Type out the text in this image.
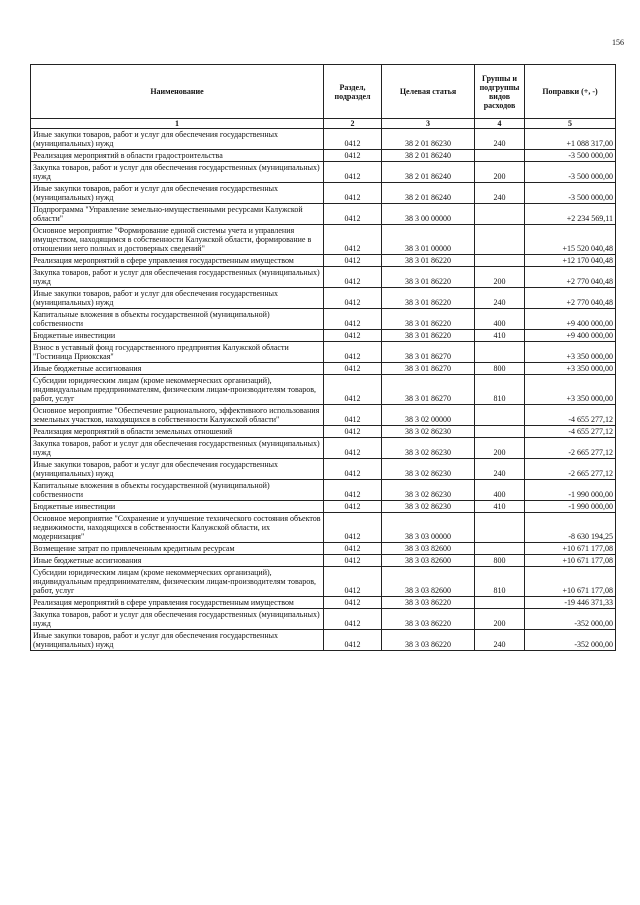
156
Наименование	Раздел, подраздел	Целевая статья	Группы и подгруппы видов расходов	Поправки (+, -)
1	2	3	4	5
Иные закупки товаров, работ и услуг для обеспечения государственных (муниципальных) нужд	0412	38 2 01 86230	240	+1 088 317,00
Реализация мероприятий в области градостроительства	0412	38 2 01 86240		-3 500 000,00
Закупка товаров, работ и услуг для обеспечения государственных (муниципальных) нужд	0412	38 2 01 86240	200	-3 500 000,00
Иные закупки товаров, работ и услуг для обеспечения государственных (муниципальных) нужд	0412	38 2 01 86240	240	-3 500 000,00
Подпрограмма "Управление земельно-имущественными ресурсами Калужской области"	0412	38 3 00 00000		+2 234 569,11
Основное мероприятие "Формирование единой системы учета и управления имуществом, находящимся в собственности Калужской области, формирование в отношении него полных и достоверных сведений"	0412	38 3 01 00000		+15 520 040,48
Реализация мероприятий в сфере управления государственным имуществом	0412	38 3 01 86220		+12 170 040,48
Закупка товаров, работ и услуг для обеспечения государственных (муниципальных) нужд	0412	38 3 01 86220	200	+2 770 040,48
Иные закупки товаров, работ и услуг для обеспечения государственных (муниципальных) нужд	0412	38 3 01 86220	240	+2 770 040,48
Капитальные вложения в объекты государственной (муниципальной) собственности	0412	38 3 01 86220	400	+9 400 000,00
Бюджетные инвестиции	0412	38 3 01 86220	410	+9 400 000,00
Взнос в уставный фонд государственного предприятия Калужской области "Гостиница Приокская"	0412	38 3 01 86270		+3 350 000,00
Иные бюджетные ассигнования	0412	38 3 01 86270	800	+3 350 000,00
Субсидии юридическим лицам (кроме некоммерческих организаций), индивидуальным предпринимателям, физическим лицам-производителям товаров, работ, услуг	0412	38 3 01 86270	810	+3 350 000,00
Основное мероприятие "Обеспечение рационального, эффективного использования земельных участков, находящихся в собственности Калужской области"	0412	38 3 02 00000		-4 655 277,12
Реализация мероприятий в области земельных отношений	0412	38 3 02 86230		-4 655 277,12
Закупка товаров, работ и услуг для обеспечения государственных (муниципальных) нужд	0412	38 3 02 86230	200	-2 665 277,12
Иные закупки товаров, работ и услуг для обеспечения государственных (муниципальных) нужд	0412	38 3 02 86230	240	-2 665 277,12
Капитальные вложения в объекты государственной (муниципальной) собственности	0412	38 3 02 86230	400	-1 990 000,00
Бюджетные инвестиции	0412	38 3 02 86230	410	-1 990 000,00
Основное мероприятие "Сохранение и улучшение технического состояния объектов недвижимости, находящихся в собственности Калужской области, их модернизация"	0412	38 3 03 00000		-8 630 194,25
Возмещение затрат по привлеченным кредитным ресурсам	0412	38 3 03 82600		+10 671 177,08
Иные бюджетные ассигнования	0412	38 3 03 82600	800	+10 671 177,08
Субсидии юридическим лицам (кроме некоммерческих организаций), индивидуальным предпринимателям, физическим лицам-производителям товаров, работ, услуг	0412	38 3 03 82600	810	+10 671 177,08
Реализация мероприятий в сфере управления государственным имуществом	0412	38 3 03 86220		-19 446 371,33
Закупка товаров, работ и услуг для обеспечения государственных (муниципальных) нужд	0412	38 3 03 86220	200	-352 000,00
Иные закупки товаров, работ и услуг для обеспечения государственных (муниципальных) нужд	0412	38 3 03 86220	240	-352 000,00
